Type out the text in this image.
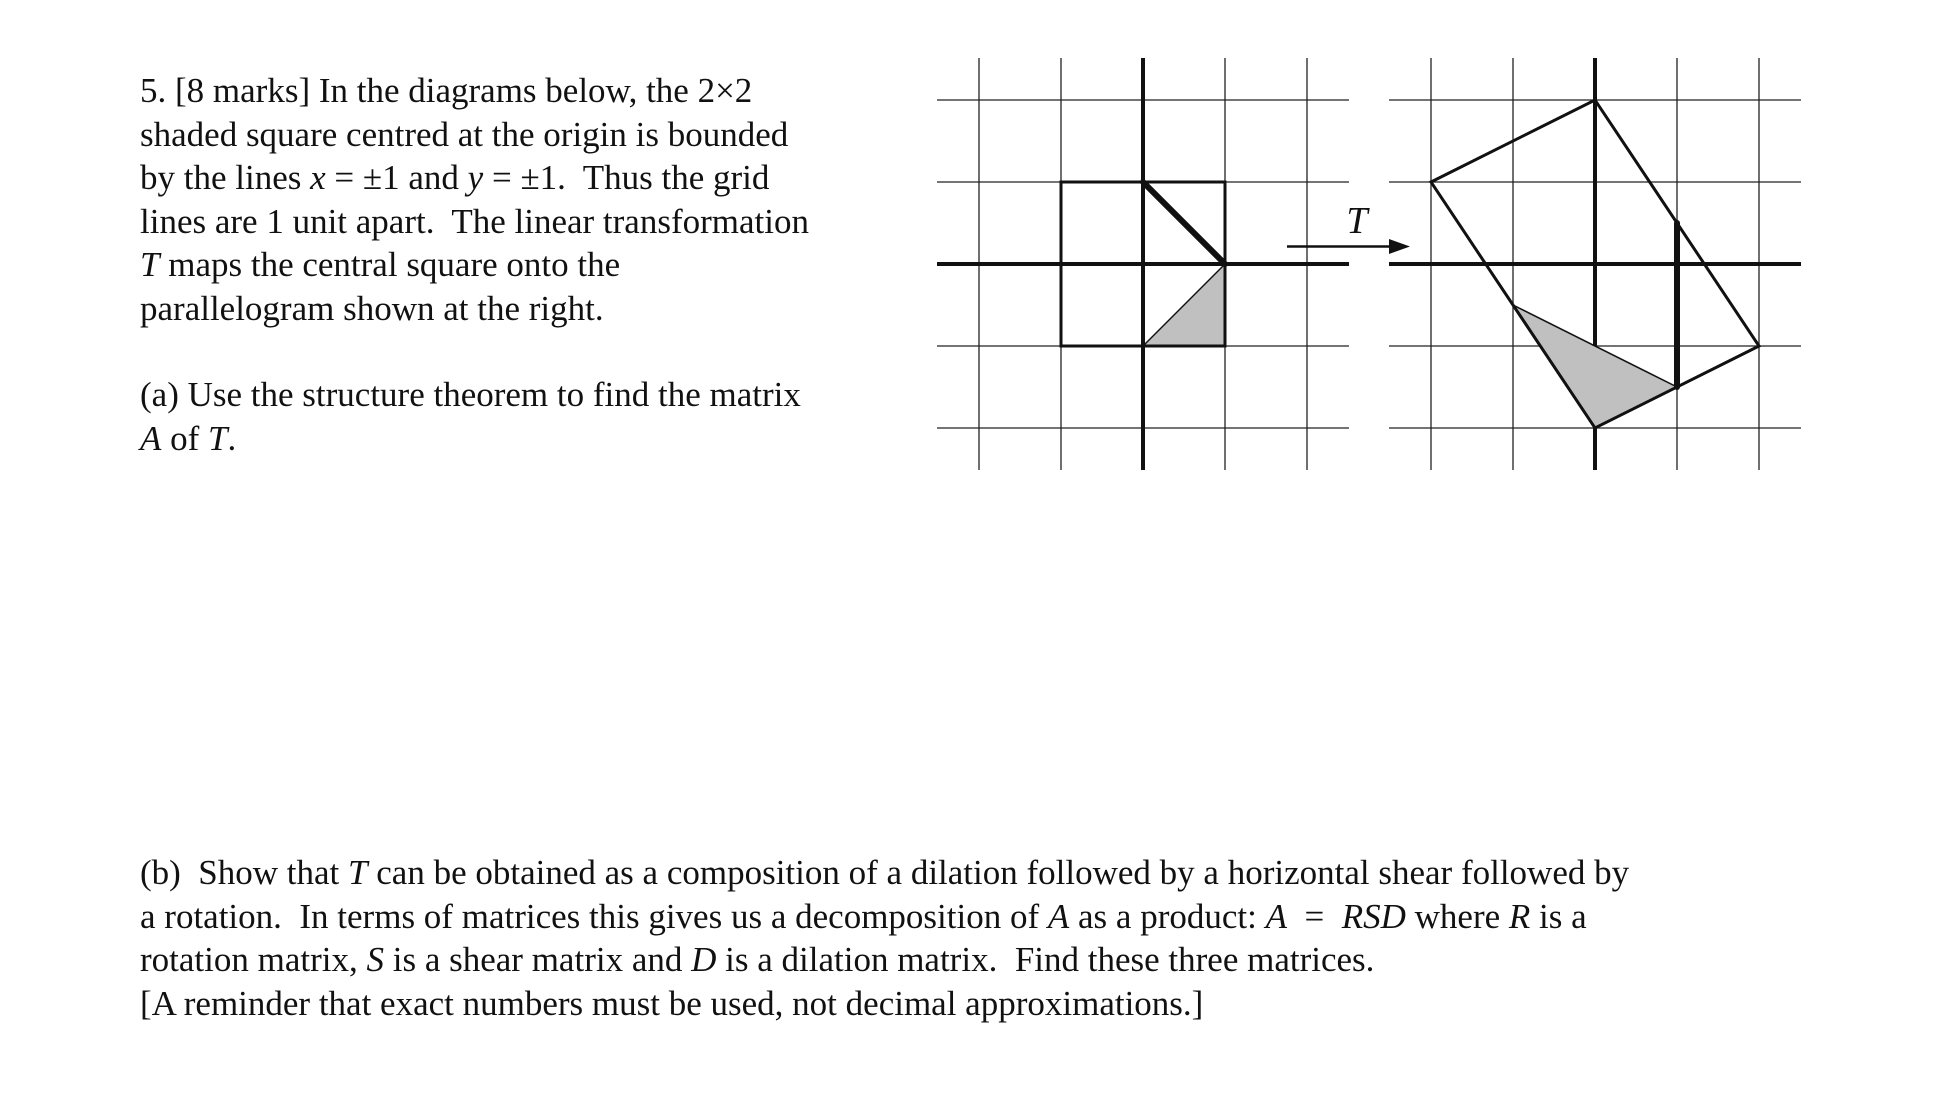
5. [8 marks] In the diagrams below, the 2×2
shaded square centred at the origin is bounded
by the lines x = ±1 and y = ±1.  Thus the grid
lines are 1 unit apart.  The linear transformation
T maps the central square onto the
parallelogram shown at the right.
(a) Use the structure theorem to find the matrix
A of T.
(b)  Show that T can be obtained as a composition of a dilation followed by a horizontal shear followed by
a rotation.  In terms of matrices this gives us a decomposition of A as a product: A  =  RSD where R is a
rotation matrix, S is a shear matrix and D is a dilation matrix.  Find these three matrices.
[A reminder that exact numbers must be used, not decimal approximations.]
T
